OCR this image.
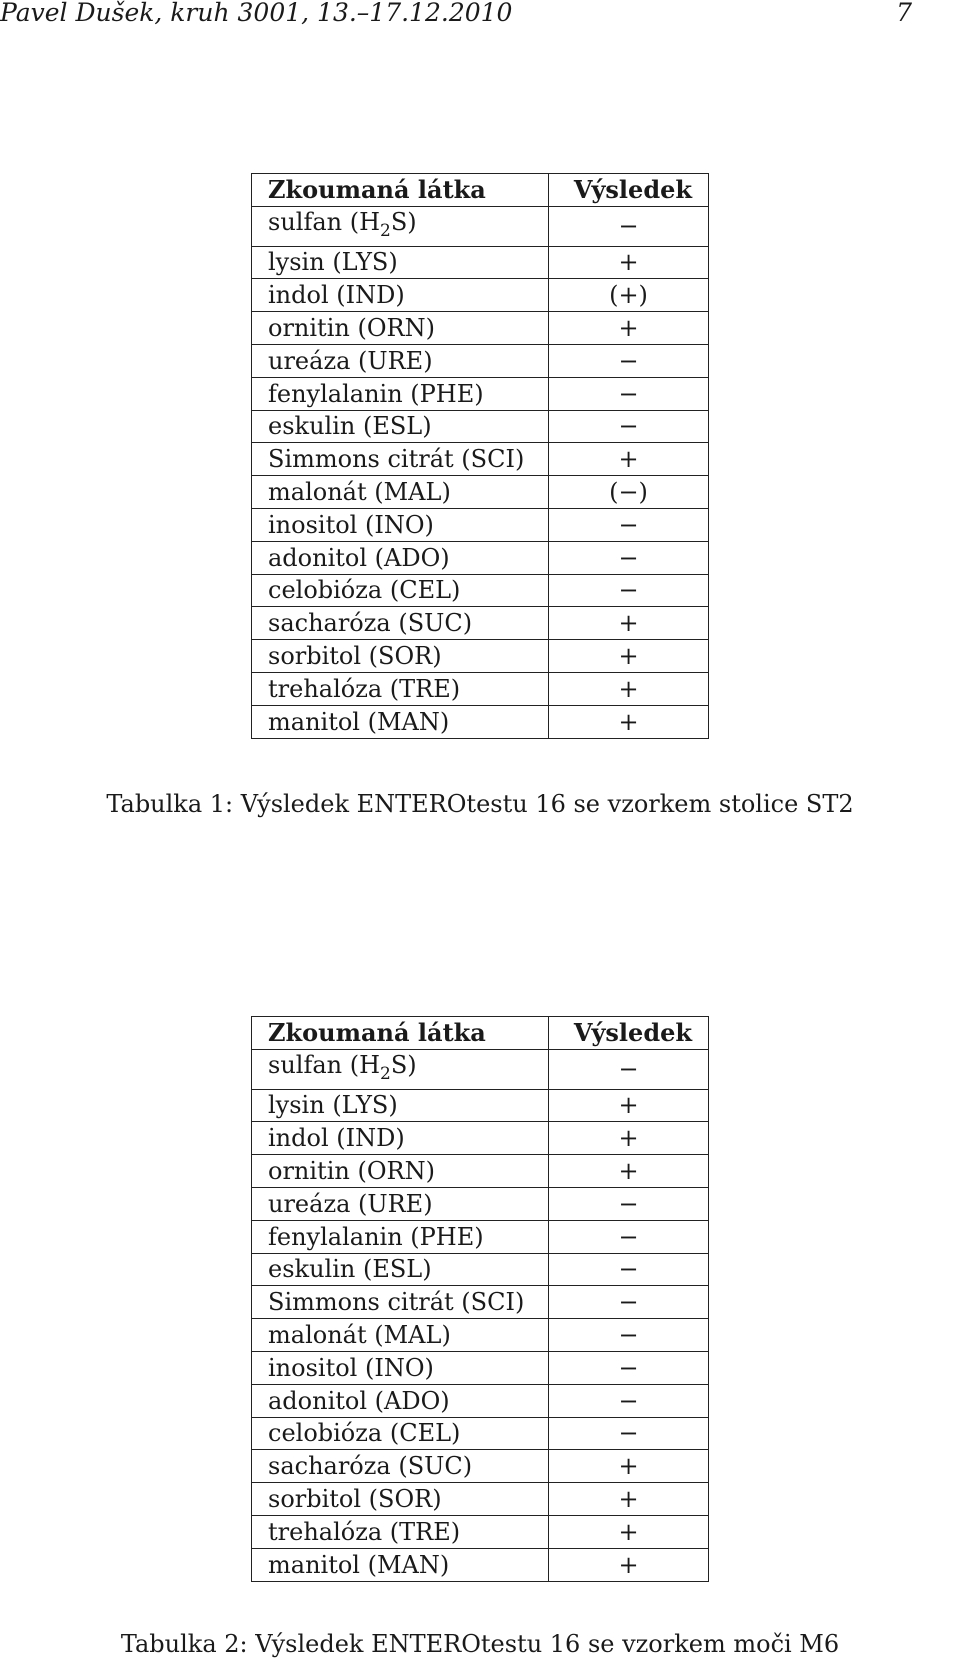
Pavel Dušek, kruh 3001, 13.–17.12.2010	7
Zkoumaná látka	Výsledek
sulfan $(H_2S)$	−
lysin (LYS)	+
indol (IND)	(+)
ornitin (ORN)	+
ureáza (URE)	−
fenylalanin (PHE)	−
eskulin (ESL)	−
Simmons citrát (SCI)	+
malonát (MAL)	(−)
inositol (INO)	−
adonitol (ADO)	−
celobióza (CEL)	−
sacharóza (SUC)	+
sorbitol (SOR)	+
trehalóza (TRE)	+
manitol (MAN)	+
Tabulka 1: Výsledek ENTEROtestu 16 se vzorkem stolice ST2
Zkoumaná látka	Výsledek
sulfan $(H_2S)$	−
lysin (LYS)	+
indol (IND)	+
ornitin (ORN)	+
ureáza (URE)	−
fenylalanin (PHE)	−
eskulin (ESL)	−
Simmons citrát (SCI)	−
malonát (MAL)	−
inositol (INO)	−
adonitol (ADO)	−
celobióza (CEL)	−
sacharóza (SUC)	+
sorbitol (SOR)	+
trehalóza (TRE)	+
manitol (MAN)	+
Tabulka 2: Výsledek ENTEROtestu 16 se vzorkem moči M6
